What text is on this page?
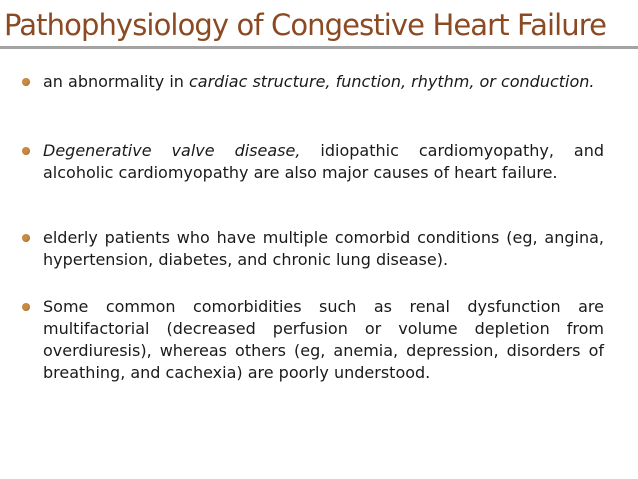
Pathophysiology of Congestive Heart Failure
an abnormality in cardiac structure, function, rhythm, or conduction.
Degenerative valve disease, idiopathic cardiomyopathy, and alcoholic cardiomyopathy are also major causes of heart failure.
elderly patients who have multiple comorbid conditions (eg, angina, hypertension, diabetes, and chronic lung disease).
Some common comorbidities such as renal dysfunction are multifactorial (decreased perfusion or volume depletion from overdiuresis), whereas others (eg, anemia, depression, disorders of breathing, and cachexia) are poorly understood.
